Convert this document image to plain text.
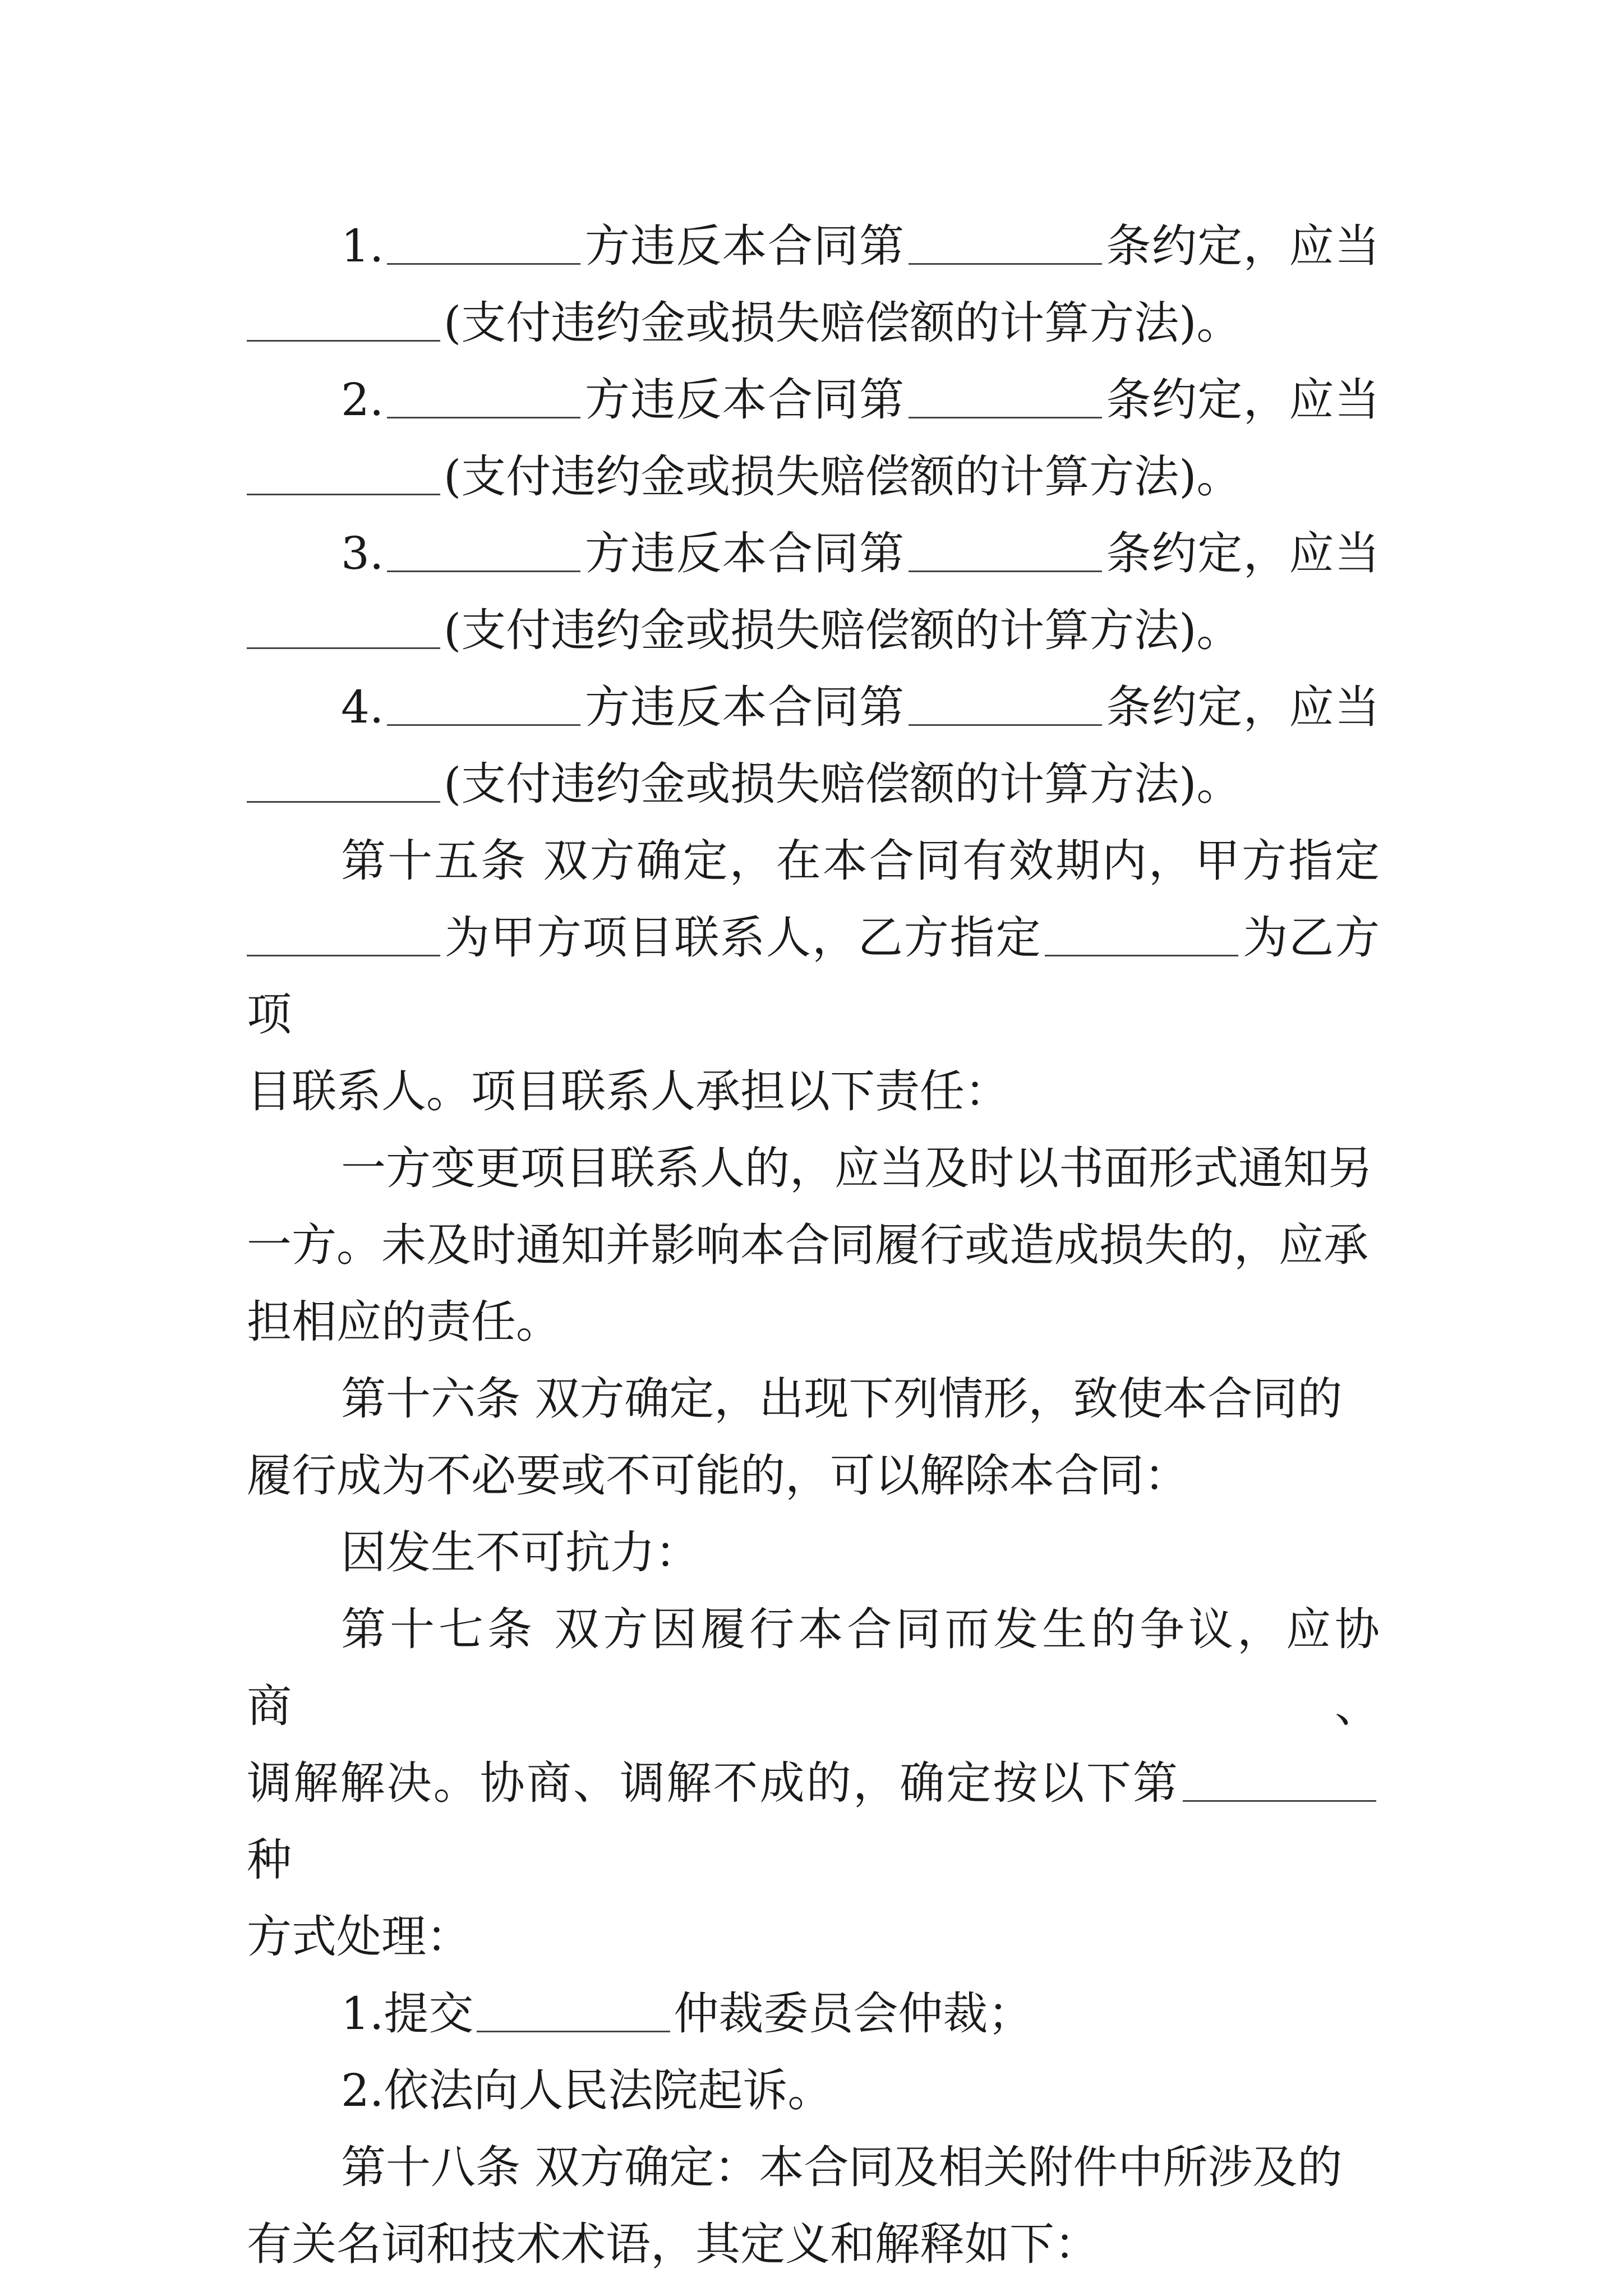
1.	方违反本合同第	条约定，应当

(支付违约金或损失赔偿额的计算方法)。

2.	方违反本合同第	条约定，应当

(支付违约金或损失赔偿额的计算方法)。

3.	方违反本合同第	条约定，应当

(支付违约金或损失赔偿额的计算方法)。

4.	方违反本合同第	条约定，应当

(支付违约金或损失赔偿额的计算方法)。

第十五条 双方确定，在本合同有效期内，甲方指定

为甲方项目联系人，乙方指定	为乙方项

目联系人。项目联系人承担以下责任：

一方变更项目联系人的，应当及时以书面形式通知另一方。未及时通知并影响本合同履行或造成损失的，应承担相应的责任。

第十六条 双方确定，出现下列情形，致使本合同的履行成为不必要或不可能的，可以解除本合同：

因发生不可抗力：

第十七条 双方因履行本合同而发生的争议，应协商、

调解解决。协商、调解不成的，确定按以下第种

方式处理：

1.提交	仲裁委员会仲裁；

2.依法向人民法院起诉。

第十八条 双方确定：本合同及相关附件中所涉及的有关名词和技术术语，其定义和解释如下：
